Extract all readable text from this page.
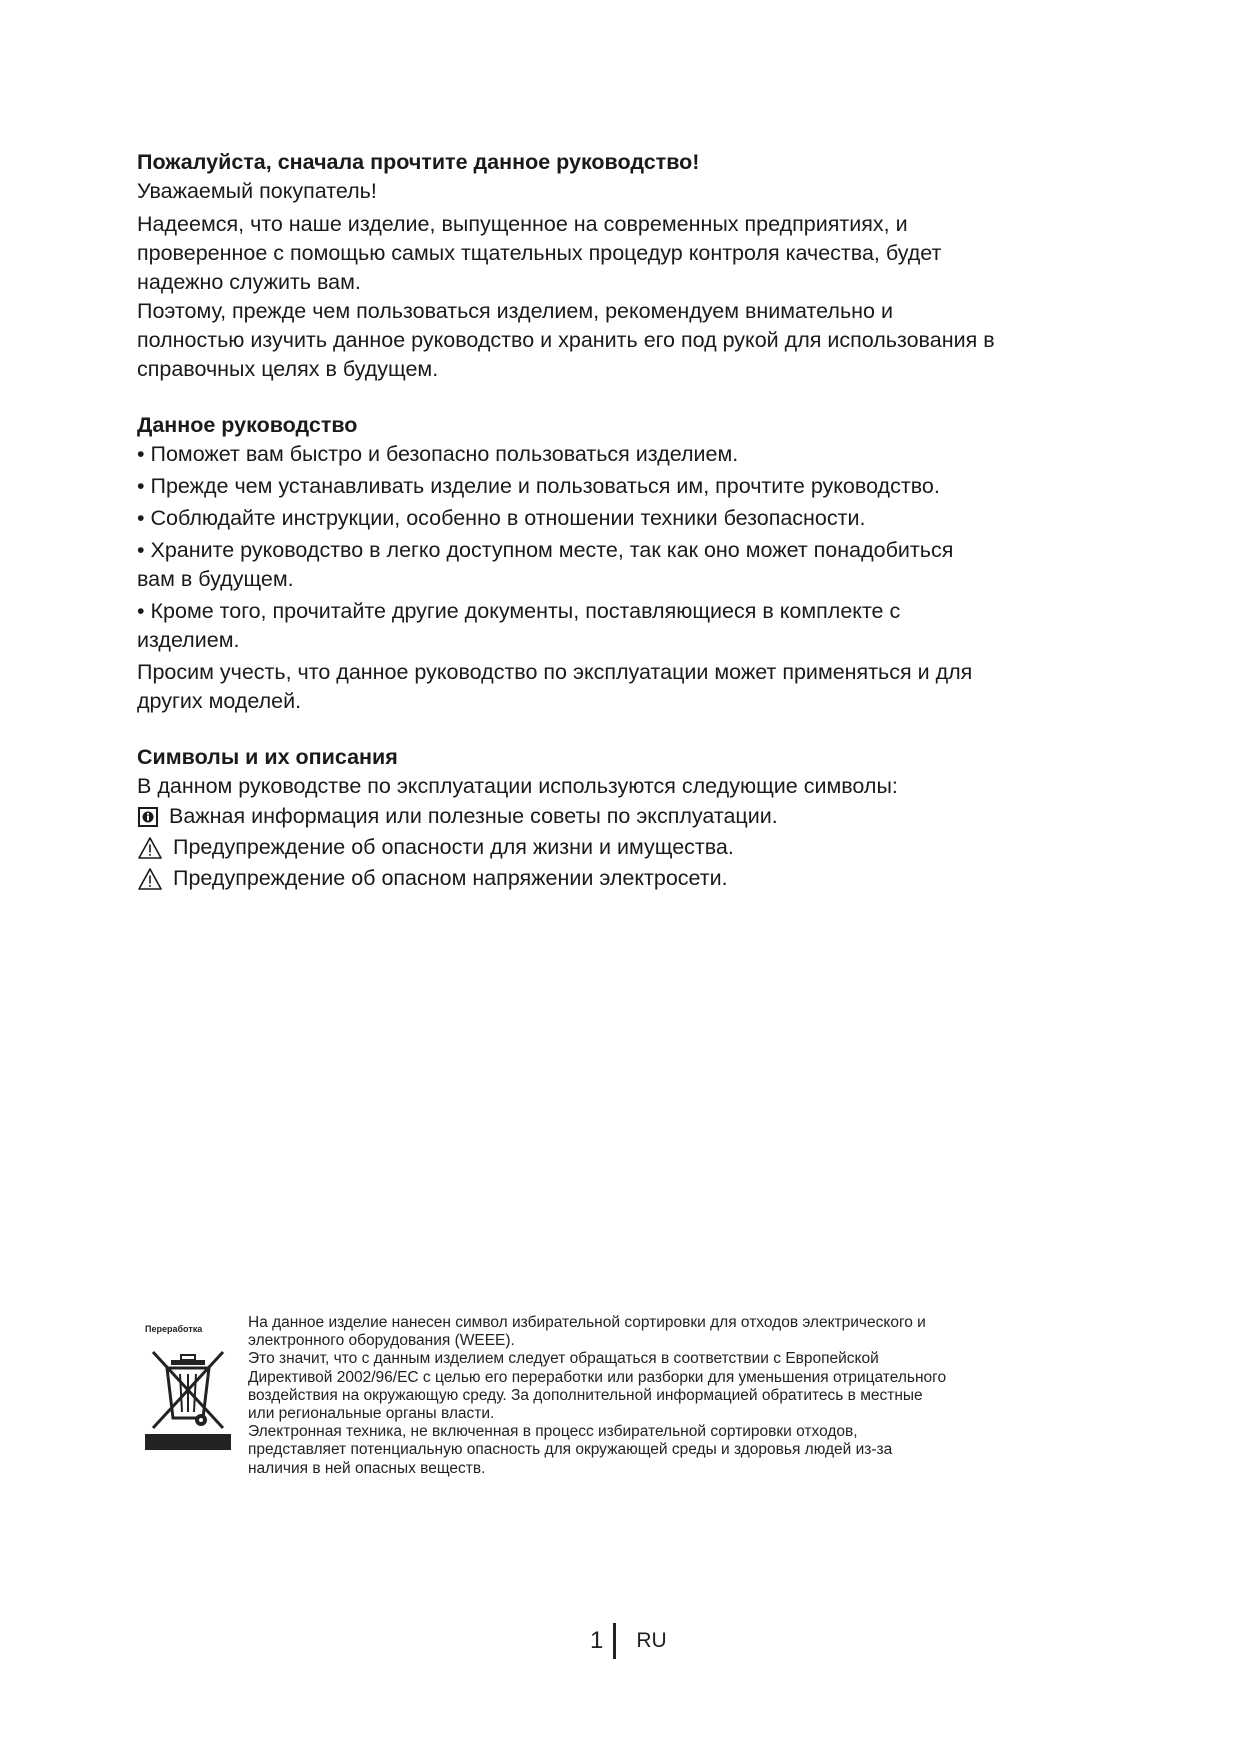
Пожалуйста, сначала прочтите данное руководство!
Уважаемый покупатель!
Надеемся, что наше изделие, выпущенное на современных предприятиях, и
проверенное с помощью самых тщательных процедур контроля качества, будет
надежно служить вам.
Поэтому, прежде чем пользоваться изделием, рекомендуем внимательно и
полностью изучить данное руководство и хранить его под рукой для использования в
справочных целях в будущем.
Данное руководство
• Поможет вам быстро и безопасно пользоваться изделием.
• Прежде чем устанавливать изделие и пользоваться им, прочтите руководство.
• Соблюдайте инструкции, особенно в отношении техники безопасности.
• Храните руководство в легко доступном месте, так как оно может понадобиться
вам в будущем.
• Кроме того, прочитайте другие документы, поставляющиеся в комплекте с
изделием.
Просим учесть, что данное руководство по эксплуатации может применяться и для
других моделей.
Символы и их описания
В данном руководстве по эксплуатации используются следующие символы:
Важная информация или полезные советы по эксплуатации.
Предупреждение об опасности для жизни и имущества.
Предупреждение об опасном напряжении электросети.
Переработка	На данное изделие нанесен символ избирательной сортировки для отходов электрического и
электронного оборудования (WEEE).
Это значит, что с данным изделием следует обращаться в соответствии с Европейской
Директивой 2002/96/EC с целью его переработки или разборки для уменьшения отрицательного
воздействия на окружающую среду. За дополнительной информацией обратитесь в местные
или региональные органы власти.
Электронная техника, не включенная в процесс избирательной сортировки отходов,
представляет потенциальную опасность для окружающей среды и здоровья людей из-за
наличия в ней опасных веществ.
1 RU
